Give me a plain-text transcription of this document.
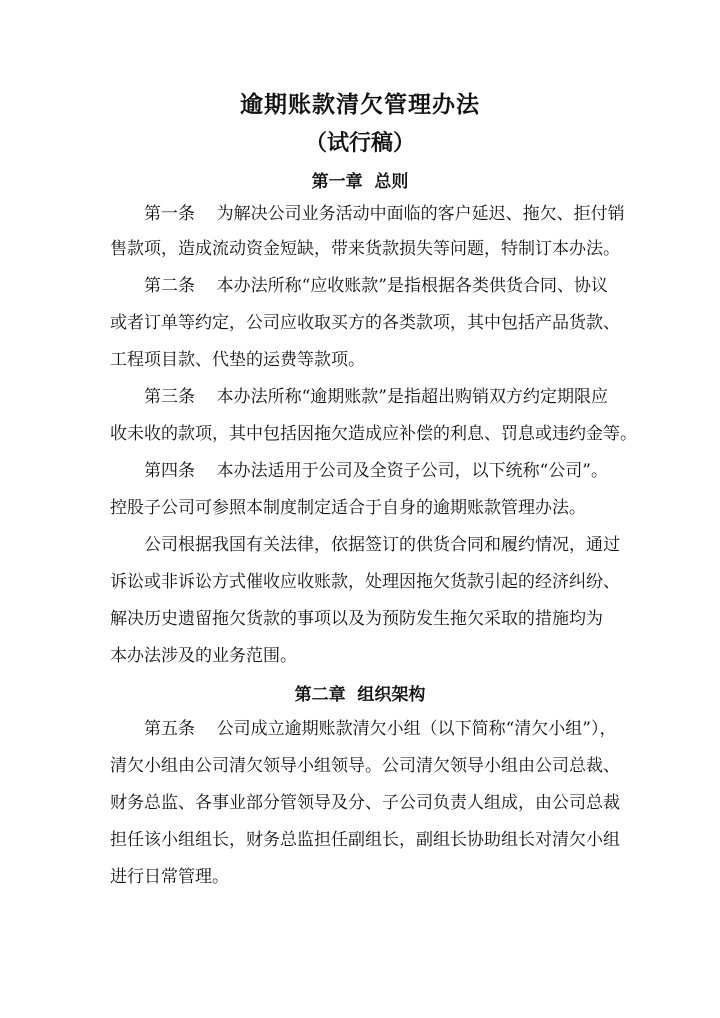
逾期账款清欠管理办法
（试行稿）
第一章  总则

第一条    为解决公司业务活动中面临的客户延迟、拖欠、拒付销

售款项，造成流动资金短缺，带来货款损失等问题，特制订本办法。

第二条    本办法所称“应收账款”是指根据各类供货合同、协议

或者订单等约定，公司应收取买方的各类款项，其中包括产品货款、

工程项目款、代垫的运费等款项。

第三条    本办法所称“逾期账款”是指超出购销双方约定期限应

收未收的款项，其中包括因拖欠造成应补偿的利息、罚息或违约金等。

第四条    本办法适用于公司及全资子公司，以下统称“公司”。

控股子公司可参照本制度制定适合于自身的逾期账款管理办法。

公司根据我国有关法律，依据签订的供货合同和履约情况，通过

诉讼或非诉讼方式催收应收账款，处理因拖欠货款引起的经济纠纷、

解决历史遗留拖欠货款的事项以及为预防发生拖欠采取的措施均为

本办法涉及的业务范围。

第二章  组织架构

第五条    公司成立逾期账款清欠小组（以下简称“清欠小组”），

清欠小组由公司清欠领导小组领导。公司清欠领导小组由公司总裁、

财务总监、各事业部分管领导及分、子公司负责人组成，由公司总裁

担任该小组组长，财务总监担任副组长，副组长协助组长对清欠小组

进行日常管理。
